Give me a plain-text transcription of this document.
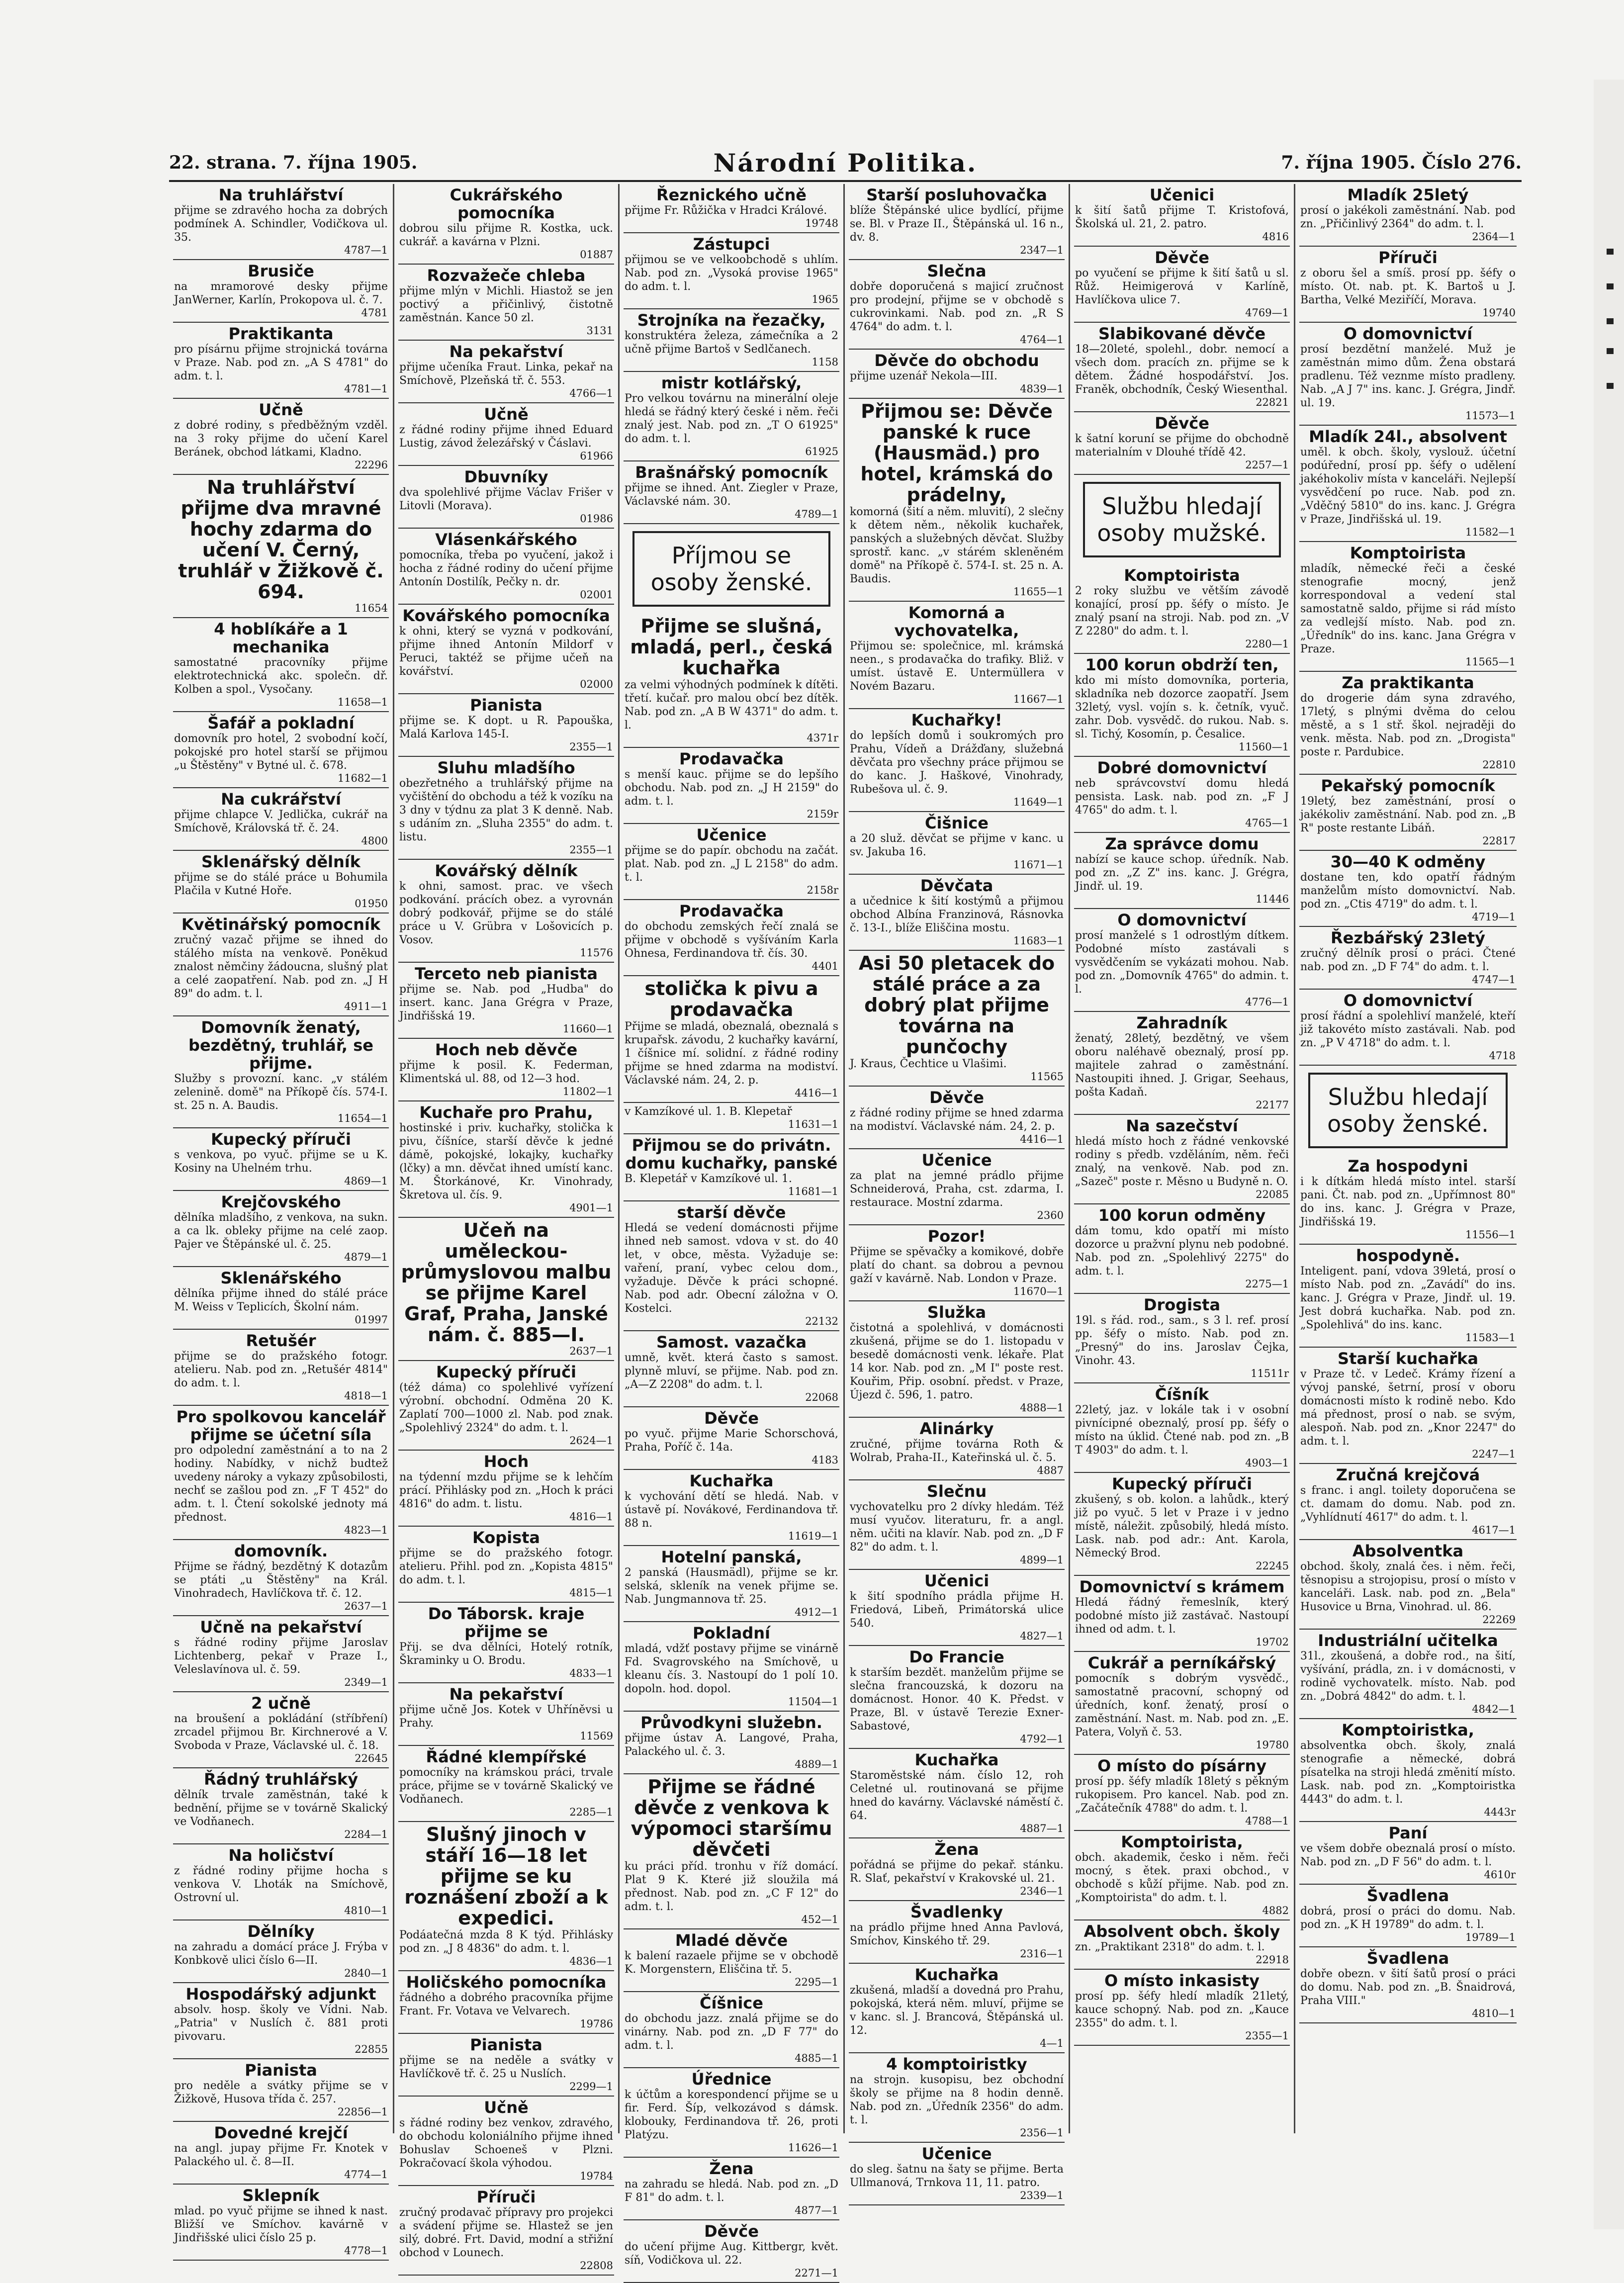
22. strana. 7. října 1905.	Národní Politika.	7. října 1905. Číslo 276.
Na truhlářství
přijme se zdravého hocha za dobrých podmínek A. Schindler, Vodičkova ul. 35.
4787—1
Brusiče
na mramorové desky přijme JanWerner, Karlín, Prokopova ul. č. 7.
4781
Praktikanta
pro písárnu přijme strojnická továrna v Praze. Nab. pod zn. „A S 4781" do adm. t. l.
4781—1
Učně
z dobré rodiny, s předběžným vzděl. na 3 roky přijme do učení Karel Beránek, obchod látkami, Kladno.
22296
Na truhlářství přijme dva mravné hochy zdarma do učení V. Černý, truhlář v Žižkově č. 694.
11654
4 hoblíkáře a 1 mechanika
samostatné pracovníky přijme elektrotechnická akc. společn. dř. Kolben a spol., Vysočany.
11658—1
Šafář a pokladní
domovník pro hotel, 2 svobodní kočí, pokojské pro hotel starší se přijmou „u Štěstěny" v Bytné ul. č. 678.
11682—1
Na cukrářství
přijme chlapce V. Jedlička, cukrář na Smíchově, Královská tř. č. 24.
4800
Sklenářský dělník
přijme se do stálé práce u Bohumila Plačila v Kutné Hoře.
01950
Květinářský pomocník
zručný vazač přijme se ihned do stálého místa na venkově. Poněkud znalost němčiny žádoucna, slušný plat a celé zaopatření. Nab. pod zn. „J H 89" do adm. t. l.
4911—1
Domovník ženatý, bezdětný, truhlář, se přijme.
Služby s provozní. kanc. „v stálém zelenině. domě" na Příkopě čís. 574-I. st. 25 n. A. Baudis.
11654—1
Kupecký příruči
s venkova, po vyuč. přijme se u K. Kosiny na Uhelném trhu.
4869—1
Krejčovského
dělníka mladšího, z venkova, na sukn. a ca lk. obleky přijme na celé zaop. Pajer ve Štěpánské ul. č. 25.
4879—1
Sklenářského
dělníka přijme ihned do stálé práce M. Weiss v Teplicích, Školní nám.
01997
Retušér
přijme se do pražského fotogr. atelieru. Nab. pod zn. „Retušér 4814" do adm. t. l.
4818—1
Pro spolkovou kancelář přijme se účetní síla
pro odpolední zaměstnání a to na 2 hodiny. Nabídky, v nichž budtež uvedeny nároky a vykazy způsobilosti, nechť se zašlou pod zn. „F T 452" do adm. t. l. Čtení sokolské jednoty má přednost.
4823—1
domovník.
Přijme se řádný, bezdětný K dotazům se ptáti „u Štěstěny" na Král. Vinohradech, Havlíčkova tř. č. 12.
2637—1
Učně na pekařství
s řádné rodiny přijme Jaroslav Lichtenberg, pekař v Praze I., Veleslavínova ul. č. 59.
2349—1
2 učně
na broušení a pokládání (stříbření) zrcadel přijmou Br. Kirchnerové a V. Svoboda v Praze, Václavské ul. č. 18.
22645
Řádný truhlářský
dělník trvale zaměstnán, také k bednění, přijme se v továrně Skalický ve Vodňanech.
2284—1
Na holičství
z řádné rodiny přijme hocha s venkova V. Lhoták na Smíchově, Ostrovní ul.
4810—1
Dělníky
na zahradu a domácí práce J. Frýba v Konbkově ulici číslo 6—II.
2840—1
Hospodářský adjunkt
absolv. hosp. školy ve Vídni. Nab. „Patria" v Nuslích č. 881 proti pivovaru.
22855
Pianista
pro neděle a svátky přijme se v Žižkově, Husova třída č. 257.
22856—1
Dovedné krejčí
na angl. jupay přijme Fr. Knotek v Palackého ul. č. 8—II.
4774—1
Sklepník
mlad. po vyuč přijme se ihned k nast. Bližší ve Smíchov. kavárně v Jindřišské ulici číslo 25 p.
4778—1
Cukrářského pomocníka
dobrou silu přijme R. Kostka, uck. cukrář. a kavárna v Plzni.
01887
Rozvažeče chleba
přijme mlýn v Michli. Hiastož se jen poctivý a přičinlivý, čistotně zaměstnán. Kance 50 zl.
3131
Na pekařství
přijme učeníka Fraut. Linka, pekař na Smíchově, Plzeňská tř. č. 553.
4766—1
Učně
z řádné rodiny přijme ihned Eduard Lustig, závod železářský v Čáslavi.
61966
Dbuvníky
dva spolehlivé přijme Václav Frišer v Litovli (Morava).
01986
Vlásenkářského
pomocníka, třeba po vyučení, jakož i hocha z řádné rodiny do učení přijme Antonín Dostilík, Pečky n. dr.
02001
Kovářského pomocníka
k ohni, který se vyzná v podkování, přijme ihned Antonín Mildorf v Peruci, taktéž se přijme učeň na kovářství.
02000
Pianista
přijme se. K dopt. u R. Papouška, Malá Karlova 145-I.
2355—1
Sluhu mladšího
obezřetného a truhlářský přijme na vyčištění do obchodu a též k vozíku na 3 dny v týdnu za plat 3 K denně. Nab. s udáním zn. „Sluha 2355" do adm. t. listu.
2355—1
Kovářský dělník
k ohni, samost. prac. ve všech podkování. prácích obez. a vyrovnán dobrý podkovář, přijme se do stálé práce u V. Grübra v Lošovicích p. Vosov.
11576
Terceto neb pianista
přijme se. Nab. pod „Hudba" do insert. kanc. Jana Grégra v Praze, Jindřišská 19.
11660—1
Hoch neb děvče
přijme k posil. K. Federman, Klimentská ul. 88, od 12—3 hod.
11802—1
Kuchaře pro Prahu,
hostinské i priv. kuchařky, stolička k pivu, číšníce, starší děvče k jedné dámě, pokojské, lokajky, kuchařky (lčky) a mn. děvčat ihned umístí kanc. M. Štorkánové, Kr. Vinohrady, Škretova ul. čís. 9.
4901—1
Učeň na uměleckou-průmyslovou malbu se přijme Karel Graf, Praha, Janské nám. č. 885—I.
2637—1
Kupecký příruči
(též dáma) co spolehlivé vyřízení výrobní. obchodní. Odměna 20 K. Zaplatí 700—1000 zl. Nab. pod znak. „Spolehlivý 2324" do adm. t. l.
2624—1
Hoch
na týdenní mzdu přijme se k lehčím prácí. Přihlásky pod zn. „Hoch k práci 4816" do adm. t. listu.
4816—1
Kopista
přijme se do pražského fotogr. atelieru. Přihl. pod zn. „Kopista 4815" do adm. t. l.
4815—1
Do Táborsk. kraje přijme se
Přij. se dva dělníci, Hotelý rotník, Škraminky u O. Brodu.
4833—1
Na pekařství
přijme učně Jos. Kotek v Uhříněvsi u Prahy.
11569
Řádné klempířské
pomocníky na krámskou práci, trvale práce, přijme se v továrně Skalický ve Vodňanech.
2285—1
Slušný jinoch v stáří 16—18 let přijme se ku roznášení zboží a k expedici.
Podáatečná mzda 8 K týd. Přihlásky pod zn. „J 8 4836" do adm. t. l.
4836—1
Holičského pomocníka
řádného a dobrého pracovníka přijme Frant. Fr. Votava ve Velvarech.
19786
Pianista
přijme se na neděle a svátky v Havlíčkově tř. č. 25 u Nuslích.
2299—1
Učně
s řádné rodiny bez venkov, zdravého, do obchodu koloniálního přijme ihned Bohuslav Schoeneš v Plzni. Pokračovací škola výhodou.
19784
Příruči
zručný prodavač přípravy pro projekci a svádení přijme se. Hlastež se jen silý, dobré. Frt. David, modní a střižní obchod v Lounech.
22808
Řeznického učně
přijme Fr. Růžička v Hradci Králové.
19748
Zástupci
přijmou se ve velkoobchodě s uhlím. Nab. pod zn. „Vysoká provise 1965" do adm. t. l.
1965
Strojníka na řezačky,
konstruktéra železa, zámečníka a 2 učně přijme Bartoš v Sedlčanech.
1158
mistr kotlářský,
Pro velkou továrnu na minerální oleje hledá se řádný který české i něm. řeči znalý jest. Nab. pod zn. „T O 61925" do adm. t. l.
61925
Brašnářský pomocník
přijme se ihned. Ant. Ziegler v Praze, Václavské nám. 30.
4789—1
Příjmou se osoby ženské.
Přijme se slušná, mladá, perl., česká kuchařka
za velmi výhodných podmínek k dítěti. třetí. kučař. pro malou obcí bez dítěk. Nab. pod zn. „A B W 4371" do adm. t. l.
4371r
Prodavačka
s menší kauc. přijme se do lepšího obchodu. Nab. pod zn. „J H 2159" do adm. t. l.
2159r
Učenice
přijme se do papír. obchodu na začát. plat. Nab. pod zn. „J L 2158" do adm. t. l.
2158r
Prodavačka
do obchodu zemských řečí znalá se přijme v obchodě s vyšíváním Karla Ohnesa, Ferdinandova tř. čís. 30.
4401
stolička k pivu a prodavačka
Přijme se mladá, obeznalá, obeznalá s krupařsk. závodu, 2 kuchařky kavární, 1 číšnice mí. solidní. z řádné rodiny přijme se hned zdarma na modiství. Václavské nám. 24, 2. p.
4416—1
v Kamzíkové ul. 1. B. Klepetař
11631—1
Přijmou se do privátn. domu kuchařky, panské
B. Klepetář v Kamzíkové ul. 1.
11681—1
starší děvče
Hledá se vedení domácnosti přijme ihned neb samost. vdova v st. do 40 let, v obce, města. Vyžaduje se: vaření, praní, vybec celou dom., vyžaduje. Děvče k práci schopné. Nab. pod adr. Obecní záložna v O. Kostelci.
22132
Samost. vazačka
umně, květ. která často s samost. plynně mluví, se přijme. Nab. pod zn. „A—Z 2208" do adm. t. l.
22068
Děvče
po vyuč. přijme Marie Schorschová, Praha, Poříč č. 14a.
4183
Kuchařka
k vychování dětí se hledá. Nab. v ústavě pí. Novákové, Ferdinandova tř. 88 n.
11619—1
Hotelní panská,
2 panská (Hausmädl), přijme se kr. selská, skleník na venek přijme se. Nab. Jungmannova tř. 25.
4912—1
Pokladní
mladá, vdžť postavy přijme se vinárně Fd. Svagrovského na Smíchově, u kleanu čís. 3. Nastoupí do 1 polí 10. dopoln. hod. dopol.
11504—1
Průvodkyni služebn.
přijme ústav A. Langové, Praha, Palackého ul. č. 3.
4889—1
Přijme se řádné děvče z venkova k výpomoci staršímu děvčeti
ku práci příd. tronhu v říž domácí. Plat 9 K. Které již sloužila má přednost. Nab. pod zn. „C F 12" do adm. t. l.
452—1
Mladé děvče
k balení razaele přijme se v obchodě K. Morgenstern, Eliščina tř. 5.
2295—1
Číšnice
do obchodu jazz. znalá přijme se do vinárny. Nab. pod zn. „D F 77" do adm. t. l.
4885—1
Úřednice
k účtům a korespondencí přijme se u fir. Ferd. Šíp, velkozávod s dámsk. klobouky, Ferdinandova tř. 26, proti Platýzu.
11626—1
Žena
na zahradu se hledá. Nab. pod zn. „D F 81" do adm. t. l.
4877—1
Děvče
do učení přijme Aug. Kittbergr, květ. síň, Vodičkova ul. 22.
2271—1
Starší posluhovačka
blíže Štěpánské ulice bydlící, přijme se. Bl. v Praze II., Štěpánská ul. 16 n., dv. 8.
2347—1
Slečna
dobře doporučená s majicí zručnost pro prodejní, přijme se v obchodě s cukrovinkami. Nab. pod zn. „R S 4764" do adm. t. l.
4764—1
Děvče do obchodu
přijme uzenář Nekola—III.
4839—1
Přijmou se: Děvče panské k ruce (Hausmäd.) pro hotel, krámská do prádelny,
komorná (šití a něm. mluvití), 2 slečny k dětem něm., několik kuchařek, panských a služebných děvčat. Služby sprostř. kanc. „v stárém skleněném domě" na Příkopě č. 574-I. st. 25 n. A. Baudis.
11655—1
Komorná a vychovatelka,
Přijmou se: společnice, ml. krámská neen., s prodavačka do trafiky. Bliž. v umíst. ústavě E. Untermüllera v Novém Bazaru.
11667—1
Kuchařky!
do lepších domů i soukromých pro Prahu, Vídeň a Drážďany, služebná děvčata pro všechny práce přijmou se do kanc. J. Haškové, Vinohrady, Rubešova ul. č. 9.
11649—1
Čišnice
a 20 služ. děvčat se přijme v kanc. u sv. Jakuba 16.
11671—1
Děvčata
a učednice k šití kostýmů a přijmou obchod Albína Franzinová, Rásnovka č. 13-I., blíže Eliščina mostu.
11683—1
Asi 50 pletacek do stálé práce a za dobrý plat přijme továrna na punčochy
J. Kraus, Čechtice u Vlašimi.
11565
Děvče
z řádné rodiny přijme se hned zdarma na modiství. Václavské nám. 24, 2. p.
4416—1
Učenice
za plat na jemné prádlo přijme Schneiderová, Praha, cst. zdarma, I. restaurace. Mostní zdarma.
2360
Pozor!
Přijme se spěvačky a komikové, dobře platí do chant. sa dobrou a pevnou gaží v kavárně. Nab. London v Praze.
11670—1
Služka
čistotná a spolehlivá, v domácnosti zkušená, přijme se do 1. listopadu v besedě domácnosti venk. lékaře. Plat 14 kor. Nab. pod zn. „M I" poste rest. Kouřim, Přip. osobní. předst. v Praze, Újezd č. 596, 1. patro.
4888—1
Alinárky
zručné, přijme továrna Roth & Wolrab, Praha-II., Kateřinská ul. č. 5.
4887
Slečnu
vychovatelku pro 2 dívky hledám. Též musí vyučov. literaturu, fr. a angl. něm. učiti na klavír. Nab. pod zn. „D F 82" do adm. t. l.
4899—1
Učenici
k šití spodního prádla přijme H. Friedová, Libeň, Primátorská ulice 540.
4827—1
Do Francie
k starším bezdět. manželům přijme se slečna francouzská, k dozoru na domácnost. Honor. 40 K. Předst. v Praze, Bl. v ústavě Terezie Exner-Sabastové,
4792—1
Kuchařka
Staroměstské nám. číslo 12, roh Celetné ul. routinovaná se přijme hned do kavárny. Václavské náměstí č. 64.
4887—1
Žena
pořádná se přijme do pekař. stánku. R. Slať, pekařství v Krakovské ul. 21.
2346—1
Švadlenky
na prádlo přijme hned Anna Pavlová, Smíchov, Kinského tř. 29.
2316—1
Kuchařka
zkušená, mladší a dovedná pro Prahu, pokojská, která něm. mluví, přijme se v kanc. sl. J. Brancová, Štěpánská ul. 12.
4—1
4 komptoiristky
na strojn. kusopisu, bez obchodní školy se přijme na 8 hodin denně. Nab. pod zn. „Úředník 2356" do adm. t. l.
2356—1
Učenice
do sleg. šatnu na šaty se přijme. Berta Ullmanová, Trnkova 11, 11. patro.
2339—1
Učenici
k šití šatů přijme T. Kristofová, Školská ul. 21, 2. patro.
4816
Děvče
po vyučení se přijme k šití šatů u sl. Růž. Heimigerová v Karlíně, Havlíčkova ulice 7.
4769—1
Slabikované děvče
18—20leté, spolehl., dobr. nemocí a všech dom. pracích zn. přijme se k dětem. Žádné hospodářství. Jos. Franěk, obchodník, Český Wiesenthal.
22821
Děvče
k šatní koruní se přijme do obchodně materialním v Dlouhé třídě 42.
2257—1
Službu hledají osoby mužské.
Komptoirista
2 roky službu ve větším závodě konající, prosí pp. šéfy o místo. Je znalý psaní na stroji. Nab. pod zn. „V Z 2280" do adm. t. l.
2280—1
100 korun obdrží ten,
kdo mi místo domovníka, porteria, skladníka neb dozorce zaopatří. Jsem 32letý, vysl. vojín s. k. četník, vyuč. zahr. Dob. vysvědč. do rukou. Nab. s. sl. Tichý, Kosomín, p. Česalice.
11560—1
Dobré domovnictví
neb správcovství domu hledá pensista. Lask. nab. pod zn. „F J 4765" do adm. t. l.
4765—1
Za správce domu
nabízí se kauce schop. úředník. Nab. pod zn. „Z Z" ins. kanc. J. Grégra, Jindř. ul. 19.
11446
O domovnictví
prosí manželé s 1 odrostlým dítkem. Podobné místo zastávali s vysvědčením se vykázati mohou. Nab. pod zn. „Domovník 4765" do admin. t. l.
4776—1
Zahradník
ženatý, 28letý, bezdětný, ve všem oboru naléhavě obeznalý, prosí pp. majitele zahrad o zaměstnání. Nastoupiti ihned. J. Grigar, Seehaus, pošta Kadaň.
22177
Na sazečství
hledá místo hoch z řádné venkovské rodiny s předb. vzděláním, něm. řeči znalý, na venkově. Nab. pod zn. „Sazeč" poste r. Měsno u Budyně n. O.
22085
100 korun odměny
dám tomu, kdo opatří mi místo dozorce u pražvní plynu neb podobné. Nab. pod zn. „Spolehlivý 2275" do adm. t. l.
2275—1
Drogista
19l. s řád. rod., sam., s 3 l. ref. prosí pp. šéfy o místo. Nab. pod zn. „Presný" do ins. Jaroslav Čejka, Vinohr. 43.
11511r
Číšník
22letý, jaz. v lokále tak i v osobní pivnícipné obeznalý, prosí pp. šéfy o místo na úklid. Čtené nab. pod zn. „B T 4903" do adm. t. l.
4903—1
Kupecký příruči
zkušený, s ob. kolon. a lahůdk., který již po vyuč. 5 let v Praze i v jedno místě, náležit. způsobilý, hledá místo. Lask. nab. pod adr.: Ant. Karola, Německý Brod.
22245
Domovnictví s krámem
Hledá řádný řemeslník, který podobné místo již zastávač. Nastoupí ihned od adm. t. l.
19702
Cukrář a perníkářský
pomocník s dobrým vysvědč., samostatně pracovní, schopný od úředních, konf. ženatý, prosí o zaměstnání. Nast. m. Nab. pod zn. „E. Patera, Volyň č. 53.
19780
O místo do písárny
prosí pp. šéfy mladík 18letý s pěkným rukopisem. Pro kancel. Nab. pod zn. „Začátečník 4788" do adm. t. l.
4788—1
Komptoirista,
obch. akademik, česko i něm. řeči mocný, s ětek. praxi obchod., v obchodě s kůží přijme. Nab. pod zn. „Komptoirista" do adm. t. l.
4882
Absolvent obch. školy
zn. „Praktikant 2318" do adm. t. l.
22918
O místo inkasisty
prosí pp. šéfy hledí mladík 21letý, kauce schopný. Nab. pod zn. „Kauce 2355" do adm. t. l.
2355—1
Mladík 25letý
prosí o jakékoli zaměstnání. Nab. pod zn. „Přičinlivý 2364" do adm. t. l.
2364—1
Příruči
z oboru šel a smíš. prosí pp. šéfy o místo. Ot. nab. pt. K. Bartoš u J. Bartha, Velké Meziříčí, Morava.
19740
O domovnictví
prosí bezdětní manželé. Muž je zaměstnán mimo dům. Žena obstará pradlenu. Též veznme místo pradleny. Nab. „A J 7" ins. kanc. J. Grégra, Jindř. ul. 19.
11573—1
Mladík 24l., absolvent
uměl. k obch. školy, vyslouž. účetní podúřední, prosí pp. šéfy o udělení jakéhokoliv místa v kanceláři. Nejlepší vysvědčení po ruce. Nab. pod zn. „Vděčný 5810" do ins. kanc. J. Grégra v Praze, Jindřišská ul. 19.
11582—1
Komptoirista
mladík, německé řeči a české stenografie mocný, jenž korrespondoval a vedení stal samostatně saldo, přijme si rád místo za vedlejší místo. Nab. pod zn. „Úředník" do ins. kanc. Jana Grégra v Praze.
11565—1
Za praktikanta
do drogerie dám syna zdravého, 17letý, s plnými dvěma do celou městě, a s 1 stř. škol. nejraději do venk. města. Nab. pod zn. „Drogista" poste r. Pardubice.
22810
Pekařský pomocník
19letý, bez zaměstnání, prosí o jakékoliv zaměstnání. Nab. pod zn. „B R" poste restante Libáň.
22817
30—40 K odměny
dostane ten, kdo opatří řádným manželům místo domovnictví. Nab. pod zn. „Ctis 4719" do adm. t. l.
4719—1
Řezbářský 23letý
zručný dělník prosí o práci. Čtené nab. pod zn. „D F 74" do adm. t. l.
4747—1
O domovnictví
prosí řádní a spolehliví manželé, kteří již takovéto místo zastávali. Nab. pod zn. „P V 4718" do adm. t. l.
4718
Službu hledají osoby ženské.
Za hospodyni
i k dítkám hledá místo intel. starší pani. Čt. nab. pod zn. „Upřímnost 80" do ins. kanc. J. Grégra v Praze, Jindřišská 19.
11556—1
hospodyně.
Inteligent. paní, vdova 39letá, prosí o místo Nab. pod zn. „Zavádí" do ins. kanc. J. Grégra v Praze, Jindř. ul. 19. Jest dobrá kuchařka. Nab. pod zn. „Spolehlivá" do ins. kanc.
11583—1
Starší kuchařka
v Praze tč. v Ledeč. Krámy řízení a vývoj panské, šetrní, prosí v oboru domácnosti místo k rodině nebo. Kdo má přednost, prosí o nab. se svým, alespoň. Nab. pod zn. „Knor 2247" do adm. t. l.
2247—1
Zručná krejčová
s franc. i angl. toilety doporučena se ct. damam do domu. Nab. pod zn. „Vyhlídnutí 4617" do adm. t. l.
4617—1
Absolventka
obchod. školy, znalá čes. i něm. řeči, těsnopisu a strojopisu, prosí o místo v kanceláři. Lask. nab. pod zn. „Bela" Husovice u Brna, Vinohrad. ul. 86.
22269
Industriální učitelka
31l., zkoušená, a dobře rod., na šití, vyšívání, prádla, zn. i v domácnosti, v rodině vychovatelk. místo. Nab. pod zn. „Dobrá 4842" do adm. t. l.
4842—1
Komptoiristka,
absolventka obch. školy, znalá stenografie a německé, dobrá písatelka na stroji hledá změnití místo. Lask. nab. pod zn. „Komptoiristka 4443" do adm. t. l.
4443r
Paní
ve všem dobře obeznalá prosí o místo. Nab. pod zn. „D F 56" do adm. t. l.
4610r
Švadlena
dobrá, prosí o práci do domu. Nab. pod zn. „K H 19789" do adm. t. l.
19789—1
Švadlena
dobře obezn. v šití šatů prosí o práci do domu. Nab. pod zn. „B. Šnaidrová, Praha VIII."
4810—1
